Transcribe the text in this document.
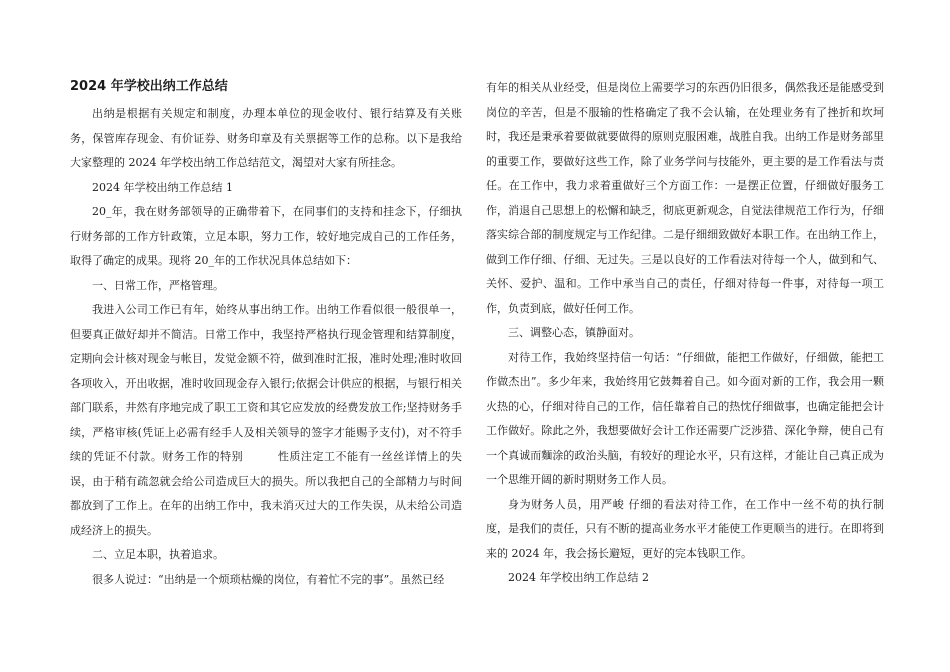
2024 年学校出纳工作总结

出纳是根据有关规定和制度，办理本单位的现金收付、银行结算及有关账务，保管库存现金、有价证券、财务印章及有关票据等工作的总称。以下是我给大家整理的 2024 年学校出纳工作总结范文，渴望对大家有所挂念。

2024 年学校出纳工作总结 1

20_年，我在财务部领导的正确带着下，在同事们的支持和挂念下，仔细执行财务部的工作方针政策，立足本职，努力工作，较好地完成自己的工作任务，取得了确定的成果。现将 20_年的工作状况具体总结如下：

一、日常工作，严格管理。

我进入公司工作已有年，始终从事出纳工作。出纳工作看似很一般很单一，但要真正做好却并不简洁。日常工作中，我坚持严格执行现金管理和结算制度，定期向会计核对现金与帐目，发觉金额不符，做到准时汇报，准时处理;准时收回各项收入，开出收据，准时收回现金存入银行;依据会计供应的根据，与银行相关部门联系，井然有序地完成了职工工资和其它应发放的经费发放工作;坚持财务手续，严格审核(凭证上必需有经手人及相关领导的签字才能赐予支付)，对不符手续的凭证不付款。财务工作的特别　　　性质注定工不能有一丝丝详情上的失误，由于稍有疏忽就会给公司造成巨大的损失。所以我把自己的全部精力与时间都放到了工作上。在年的出纳工作中，我未消灭过大的工作失误，从未给公司造成经济上的损失。

二、立足本职，执着追求。

很多人说过：“出纳是一个烦琐枯燥的岗位，有着忙不完的事”。虽然已经

有年的相关从业经受，但是岗位上需要学习的东西仍旧很多，偶然我还是能感受到岗位的辛苦，但是不服输的性格确定了我不会认输，在处理业务有了挫折和坎坷时，我还是秉承着要做就要做得的原则克服困难，战胜自我。出纳工作是财务部里的重要工作，要做好这些工作，除了业务学问与技能外，更主要的是工作看法与责任。在工作中，我力求着重做好三个方面工作：一是摆正位置，仔细做好服务工作，消退自己思想上的松懈和缺乏，彻底更新观念，自觉法律规范工作行为，仔细落实综合部的制度规定与工作纪律。二是仔细细致做好本职工作。在出纳工作上，做到工作仔细、仔细、无过失。三是以良好的工作看法对待每一个人，做到和气、关怀、爱护、温和。工作中承当自己的责任，仔细对待每一件事，对待每一项工作，负责到底，做好任何工作。

三、调整心态，镇静面对。

对待工作，我始终坚持信一句话：“仔细做，能把工作做好，仔细做，能把工作做杰出”。多少年来，我始终用它鼓舞着自己。如今面对新的工作，我会用一颗火热的心，仔细对待自己的工作，信任靠着自己的热忱仔细做事，也确定能把会计工作做好。除此之外，我想要做好会计工作还需要广泛涉猎、深化争辩，使自己有一个真诚而麵涂的政治头脑，有较好的理论水平，只有这样，才能让自己真正成为一个思维开阔的新时期财务工作人员。

身为财务人员，用严峻 仔细的看法对待工作，在工作中一丝不苟的执行制度，是我们的责任，只有不断的提高业务水平才能使工作更顺当的进行。在即将到来的 2024 年，我会扬长避短，更好的完本钱职工作。

2024 年学校出纳工作总结 2
